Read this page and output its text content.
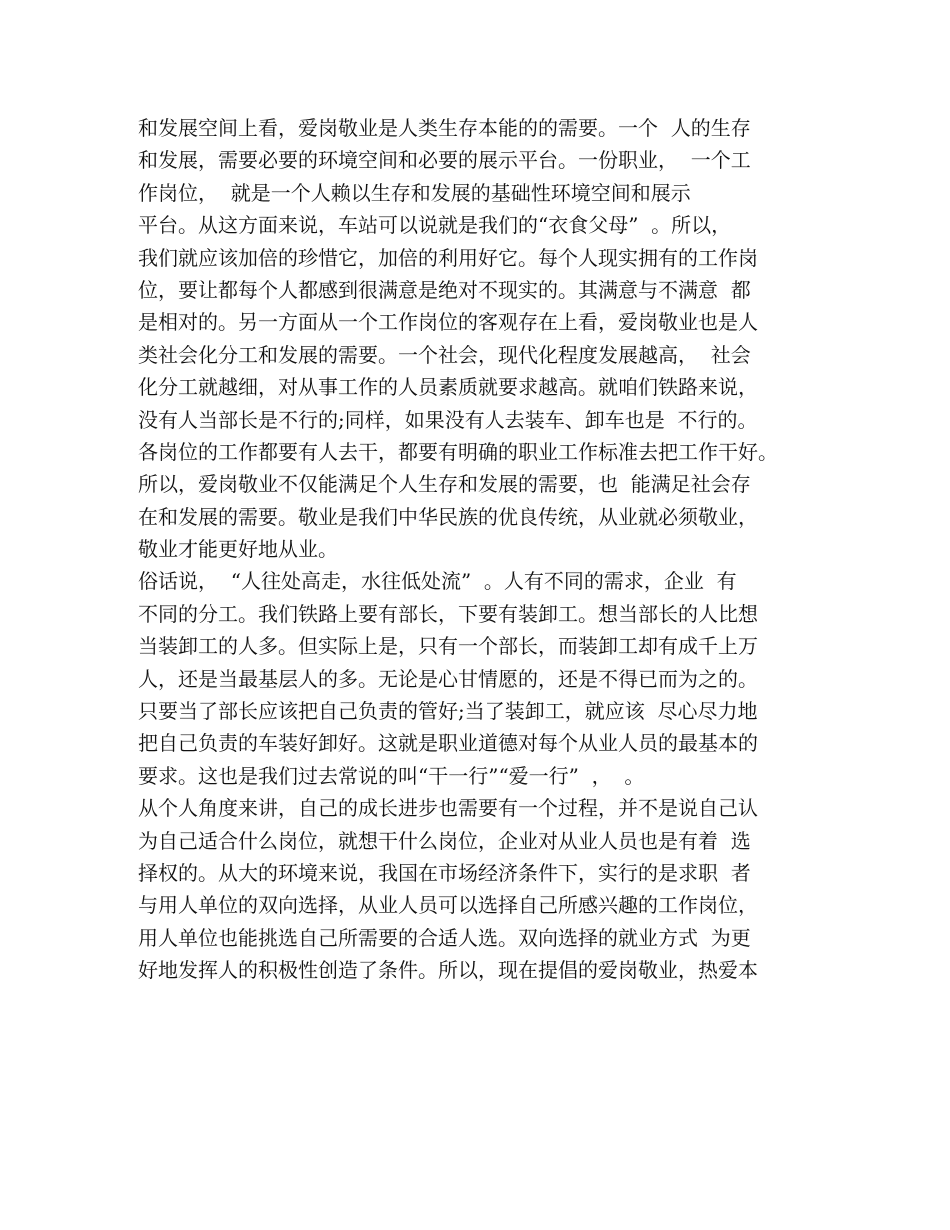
和发展空间上看，爱岗敬业是人类生存本能的的需要。一个  人的生存
和发展，需要必要的环境空间和必要的展示平台。一份职业，  一个工
作岗位，  就是一个人赖以生存和发展的基础性环境空间和展示
平台。从这方面来说，车站可以说就是我们的“衣食父母”  。所以，
我们就应该加倍的珍惜它，加倍的利用好它。每个人现实拥有的工作岗
位，要让都每个人都感到很满意是绝对不现实的。其满意与不满意  都
是相对的。另一方面从一个工作岗位的客观存在上看，爱岗敬业也是人
类社会化分工和发展的需要。一个社会，现代化程度发展越高，  社会
化分工就越细，对从事工作的人员素质就要求越高。就咱们铁路来说，
没有人当部长是不行的;同样，如果没有人去装车、卸车也是  不行的。
各岗位的工作都要有人去干，都要有明确的职业工作标准去把工作干好。
所以，爱岗敬业不仅能满足个人生存和发展的需要，也  能满足社会存
在和发展的需要。敬业是我们中华民族的优良传统，从业就必须敬业，
敬业才能更好地从业。
俗话说，  “人往处高走，水往低处流”  。人有不同的需求，企业  有
不同的分工。我们铁路上要有部长，下要有装卸工。想当部长的人比想
当装卸工的人多。但实际上是，只有一个部长，而装卸工却有成千上万
人，还是当最基层人的多。无论是心甘情愿的，还是不得已而为之的。
只要当了部长应该把自己负责的管好;当了装卸工，就应该  尽心尽力地
把自己负责的车装好卸好。这就是职业道德对每个从业人员的最基本的
要求。这也是我们过去常说的叫“干一行”“爱一行”  ，  。
从个人角度来讲，自己的成长进步也需要有一个过程，并不是说自己认
为自己适合什么岗位，就想干什么岗位，企业对从业人员也是有着  选
择权的。从大的环境来说，我国在市场经济条件下，实行的是求职  者
与用人单位的双向选择，从业人员可以选择自己所感兴趣的工作岗位，
用人单位也能挑选自己所需要的合适人选。双向选择的就业方式  为更
好地发挥人的积极性创造了条件。所以，现在提倡的爱岗敬业，热爱本
